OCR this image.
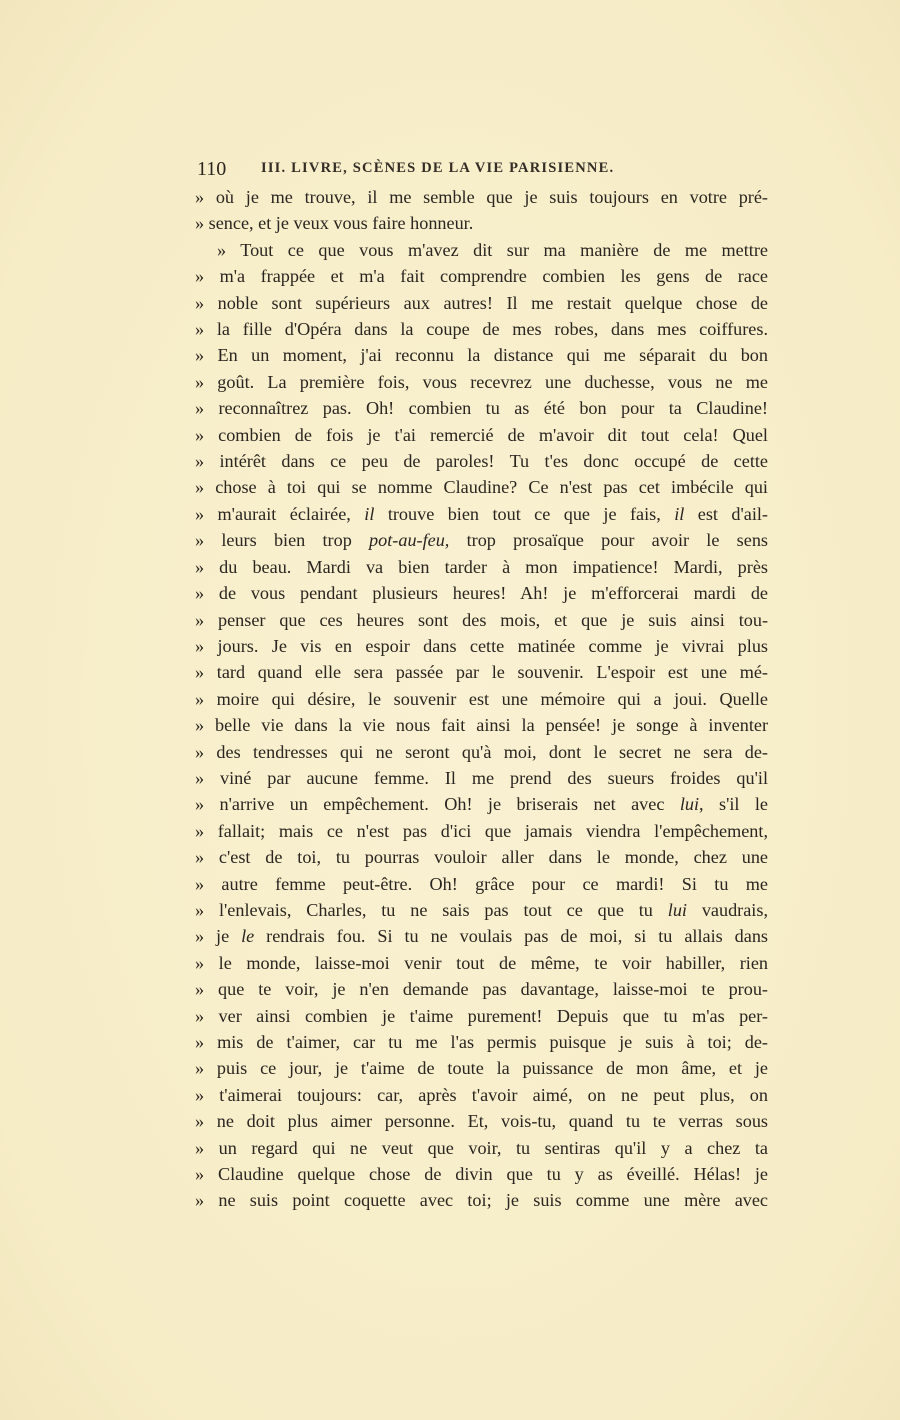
110 III. LIVRE, SCÈNES DE LA VIE PARISIENNE.
» où je me trouve, il me semble que je suis toujours en votre pré-
» sence, et je veux vous faire honneur.
» Tout ce que vous m'avez dit sur ma manière de me mettre
» m'a frappée et m'a fait comprendre combien les gens de race
» noble sont supérieurs aux autres! Il me restait quelque chose de
» la fille d'Opéra dans la coupe de mes robes, dans mes coiffures.
» En un moment, j'ai reconnu la distance qui me séparait du bon
» goût. La première fois, vous recevrez une duchesse, vous ne me
» reconnaîtrez pas. Oh! combien tu as été bon pour ta Claudine!
» combien de fois je t'ai remercié de m'avoir dit tout cela! Quel
» intérêt dans ce peu de paroles! Tu t'es donc occupé de cette
» chose à toi qui se nomme Claudine? Ce n'est pas cet imbécile qui
» m'aurait éclairée, il trouve bien tout ce que je fais, il est d'ail-
» leurs bien trop pot-au-feu, trop prosaïque pour avoir le sens
» du beau. Mardi va bien tarder à mon impatience! Mardi, près
» de vous pendant plusieurs heures! Ah! je m'efforcerai mardi de
» penser que ces heures sont des mois, et que je suis ainsi tou-
» jours. Je vis en espoir dans cette matinée comme je vivrai plus
» tard quand elle sera passée par le souvenir. L'espoir est une mé-
» moire qui désire, le souvenir est une mémoire qui a joui. Quelle
» belle vie dans la vie nous fait ainsi la pensée! je songe à inventer
» des tendresses qui ne seront qu'à moi, dont le secret ne sera de-
» viné par aucune femme. Il me prend des sueurs froides qu'il
» n'arrive un empêchement. Oh! je briserais net avec lui, s'il le
» fallait; mais ce n'est pas d'ici que jamais viendra l'empêchement,
» c'est de toi, tu pourras vouloir aller dans le monde, chez une
» autre femme peut-être. Oh! grâce pour ce mardi! Si tu me
» l'enlevais, Charles, tu ne sais pas tout ce que tu lui vaudrais,
» je le rendrais fou. Si tu ne voulais pas de moi, si tu allais dans
» le monde, laisse-moi venir tout de même, te voir habiller, rien
» que te voir, je n'en demande pas davantage, laisse-moi te prou-
» ver ainsi combien je t'aime purement! Depuis que tu m'as per-
» mis de t'aimer, car tu me l'as permis puisque je suis à toi; de-
» puis ce jour, je t'aime de toute la puissance de mon âme, et je
» t'aimerai toujours: car, après t'avoir aimé, on ne peut plus, on
» ne doit plus aimer personne. Et, vois-tu, quand tu te verras sous
» un regard qui ne veut que voir, tu sentiras qu'il y a chez ta
» Claudine quelque chose de divin que tu y as éveillé. Hélas! je
» ne suis point coquette avec toi; je suis comme une mère avec
